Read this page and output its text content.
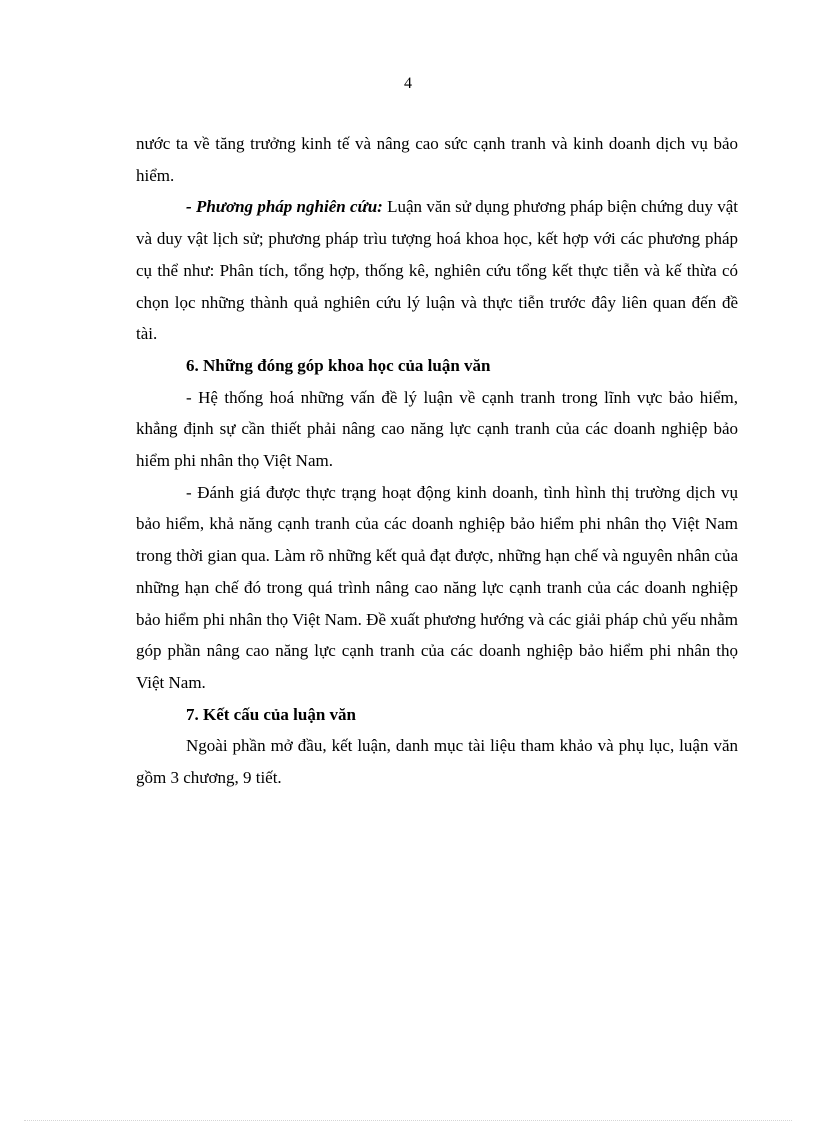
4

nước ta về tăng trưởng kinh tế và nâng cao sức cạnh tranh và kinh doanh dịch vụ bảo hiểm.

- Phương pháp nghiên cứu: Luận văn sử dụng phương pháp biện chứng duy vật và duy vật lịch sử; phương pháp trìu tượng hoá khoa học, kết hợp với các phương pháp cụ thể như: Phân tích, tổng hợp, thống kê, nghiên cứu tổng kết thực tiễn và kế thừa có chọn lọc những thành quả nghiên cứu lý luận và thực tiễn trước đây liên quan đến đề tài.

6. Những đóng góp khoa học của luận văn

- Hệ thống hoá những vấn đề lý luận về cạnh tranh trong lĩnh vực bảo hiểm, khẳng định sự cần thiết phải nâng cao năng lực cạnh tranh của các doanh nghiệp bảo hiểm phi nhân thọ Việt Nam.

- Đánh giá được thực trạng hoạt động kinh doanh, tình hình thị trường dịch vụ bảo hiểm, khả năng cạnh tranh của các doanh nghiệp bảo hiểm phi nhân thọ Việt Nam trong thời gian qua. Làm rõ những kết quả đạt được, những hạn chế và nguyên nhân của những hạn chế đó trong quá trình nâng cao năng lực cạnh tranh của các doanh nghiệp bảo hiểm phi nhân thọ Việt Nam. Đề xuất phương hướng và các giải pháp chủ yếu nhằm góp phần nâng cao năng lực cạnh tranh của các doanh nghiệp bảo hiểm phi nhân thọ Việt Nam.

7. Kết cấu của luận văn

Ngoài phần mở đầu, kết luận, danh mục tài liệu tham khảo và phụ lục, luận văn gồm 3 chương, 9 tiết.
